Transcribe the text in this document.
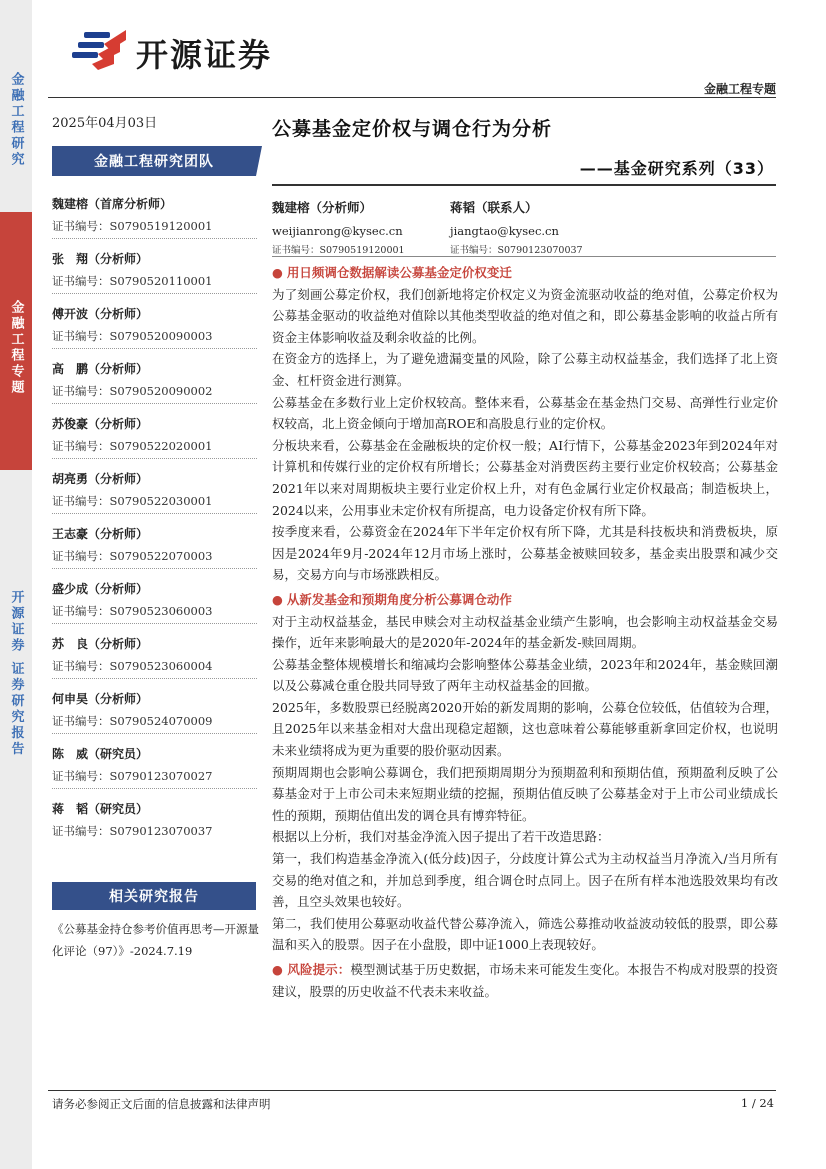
金融工程研究
金融工程专题
开源证券 证券研究报告
开源证券
金融工程专题
2025年04月03日
金融工程研究团队
魏建榕（首席分析师）
证书编号：S0790519120001
张　翔（分析师）
证书编号：S0790520110001
傅开波（分析师）
证书编号：S0790520090003
高　鹏（分析师）
证书编号：S0790520090002
苏俊豪（分析师）
证书编号：S0790522020001
胡亮勇（分析师）
证书编号：S0790522030001
王志豪（分析师）
证书编号：S0790522070003
盛少成（分析师）
证书编号：S0790523060003
苏　良（分析师）
证书编号：S0790523060004
何申昊（分析师）
证书编号：S0790524070009
陈　威（研究员）
证书编号：S0790123070027
蒋　韬（研究员）
证书编号：S0790123070037
相关研究报告
《公募基金持仓参考价值再思考—开源量化评论（97）》-2024.7.19
公募基金定价权与调仓行为分析
——基金研究系列（33）
魏建榕（分析师）
weijianrong@kysec.cn
证书编号：S0790519120001
蒋韬（联系人）
jiangtao@kysec.cn
证书编号：S0790123070037

● 用日频调仓数据解读公募基金定价权变迁

为了刻画公募定价权，我们创新地将定价权定义为资金流驱动收益的绝对值，公募定价权为公募基金驱动的收益绝对值除以其他类型收益的绝对值之和，即公募基金影响的收益占所有资金主体影响收益及剩余收益的比例。

在资金方的选择上，为了避免遗漏变量的风险，除了公募主动权益基金，我们选择了北上资金、杠杆资金进行测算。

公募基金在多数行业上定价权较高。整体来看，公募基金在基金热门交易、高弹性行业定价权较高，北上资金倾向于增加高ROE和高股息行业的定价权。

分板块来看，公募基金在金融板块的定价权一般；AI行情下，公募基金2023年到2024年对计算机和传媒行业的定价权有所增长；公募基金对消费医药主要行业定价权较高；公募基金2021年以来对周期板块主要行业定价权上升，对有色金属行业定价权最高；制造板块上，2024以来，公用事业未定价权有所提高，电力设备定价权有所下降。

按季度来看，公募资金在2024年下半年定价权有所下降，尤其是科技板块和消费板块，原因是2024年9月-2024年12月市场上涨时，公募基金被赎回较多，基金卖出股票和减少交易，交易方向与市场涨跌相反。

● 从新发基金和预期角度分析公募调仓动作

对于主动权益基金，基民申赎会对主动权益基金业绩产生影响，也会影响主动权益基金交易操作，近年来影响最大的是2020年-2024年的基金新发-赎回周期。

公募基金整体规模增长和缩减均会影响整体公募基金业绩，2023年和2024年，基金赎回潮以及公募减仓重仓股共同导致了两年主动权益基金的回撤。

2025年，多数股票已经脱离2020开始的新发周期的影响，公募仓位较低，估值较为合理，且2025年以来基金相对大盘出现稳定超额，这也意味着公募能够重新拿回定价权，也说明未来业绩将成为更为重要的股价驱动因素。

预期周期也会影响公募调仓，我们把预期周期分为预期盈利和预期估值，预期盈利反映了公募基金对于上市公司未来短期业绩的挖掘，预期估值反映了公募基金对于上市公司业绩成长性的预期，预期估值出发的调仓具有博弈特征。

根据以上分析，我们对基金净流入因子提出了若干改造思路：

第一，我们构造基金净流入(低分歧)因子，分歧度计算公式为主动权益当月净流入/当月所有交易的绝对值之和，并加总到季度，组合调仓时点同上。因子在所有样本池选股效果均有改善，且空头效果也较好。

第二，我们使用公募驱动收益代替公募净流入，筛选公募推动收益波动较低的股票，即公募温和买入的股票。因子在小盘股，即中证1000上表现较好。

● 风险提示：模型测试基于历史数据，市场未来可能发生变化。本报告不构成对股票的投资建议，股票的历史收益不代表未来收益。

请务必参阅正文后面的信息披露和法律声明	1 / 24
